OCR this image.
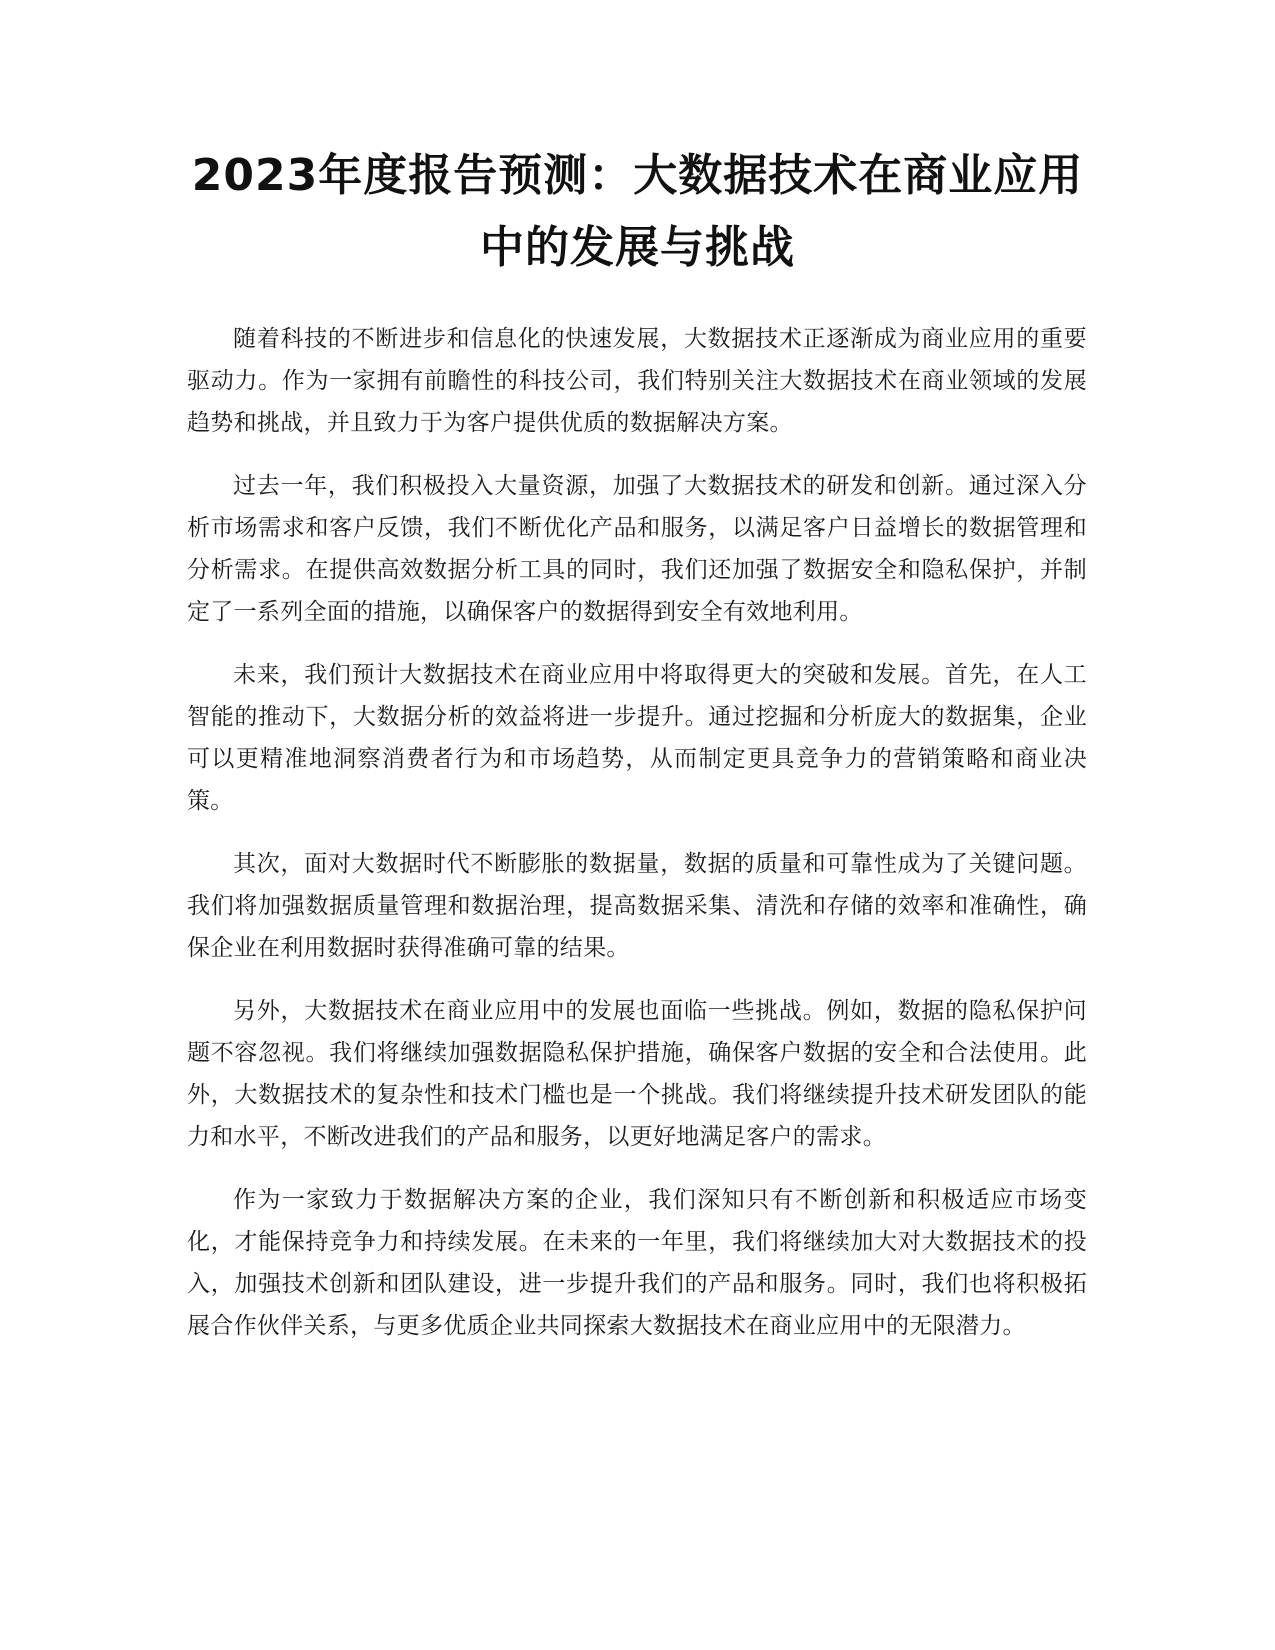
2023年度报告预测：大数据技术在商业应用
中的发展与挑战

随着科技的不断进步和信息化的快速发展，大数据技术正逐渐成为商业应用的重要驱动力。作为一家拥有前瞻性的科技公司，我们特别关注大数据技术在商业领域的发展趋势和挑战，并且致力于为客户提供优质的数据解决方案。

过去一年，我们积极投入大量资源，加强了大数据技术的研发和创新。通过深入分析市场需求和客户反馈，我们不断优化产品和服务，以满足客户日益增长的数据管理和分析需求。在提供高效数据分析工具的同时，我们还加强了数据安全和隐私保护，并制定了一系列全面的措施，以确保客户的数据得到安全有效地利用。

未来，我们预计大数据技术在商业应用中将取得更大的突破和发展。首先，在人工智能的推动下，大数据分析的效益将进一步提升。通过挖掘和分析庞大的数据集，企业可以更精准地洞察消费者行为和市场趋势，从而制定更具竞争力的营销策略和商业决策。

其次，面对大数据时代不断膨胀的数据量，数据的质量和可靠性成为了关键问题。我们将加强数据质量管理和数据治理，提高数据采集、清洗和存储的效率和准确性，确保企业在利用数据时获得准确可靠的结果。

另外，大数据技术在商业应用中的发展也面临一些挑战。例如，数据的隐私保护问题不容忽视。我们将继续加强数据隐私保护措施，确保客户数据的安全和合法使用。此外，大数据技术的复杂性和技术门槛也是一个挑战。我们将继续提升技术研发团队的能力和水平，不断改进我们的产品和服务，以更好地满足客户的需求。

作为一家致力于数据解决方案的企业，我们深知只有不断创新和积极适应市场变化，才能保持竞争力和持续发展。在未来的一年里，我们将继续加大对大数据技术的投入，加强技术创新和团队建设，进一步提升我们的产品和服务。同时，我们也将积极拓展合作伙伴关系，与更多优质企业共同探索大数据技术在商业应用中的无限潜力。
